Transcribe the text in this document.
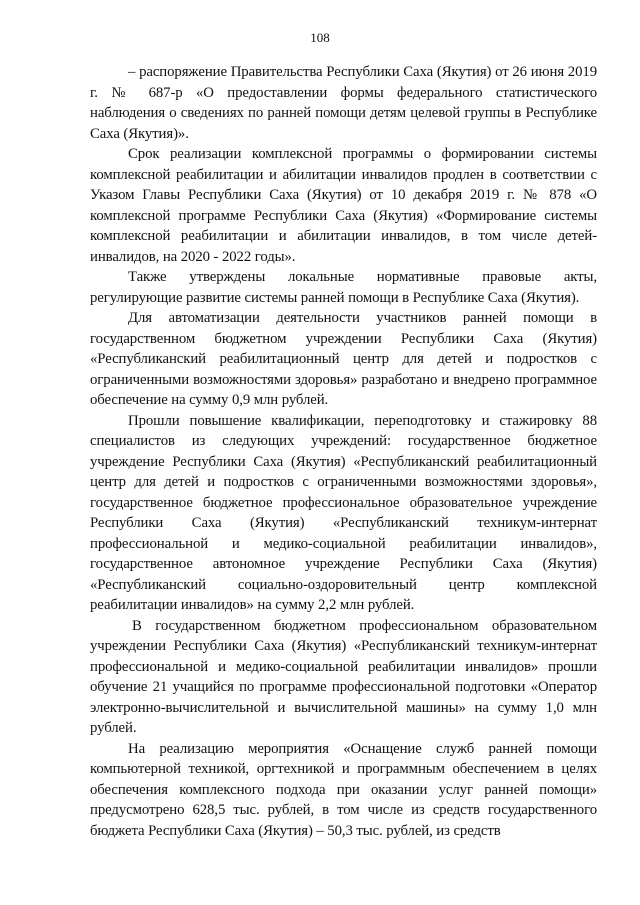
108

– распоряжение Правительства Республики Саха (Якутия) от 26 июня 2019 г. № 687-р «О предоставлении формы федерального статистического наблюдения о сведениях по ранней помощи детям целевой группы в Республике Саха (Якутия)».

Срок реализации комплексной программы о формировании системы комплексной реабилитации и абилитации инвалидов продлен в соответствии с Указом Главы Республики Саха (Якутия) от 10 декабря 2019 г. № 878 «О комплексной программе Республики Саха (Якутия) «Формирование системы комплексной реабилитации и абилитации инвалидов, в том числе детей-инвалидов, на 2020 - 2022 годы».

Также утверждены локальные нормативные правовые акты, регулирующие развитие системы ранней помощи в Республике Саха (Якутия).

Для автоматизации деятельности участников ранней помощи в государственном бюджетном учреждении Республики Саха (Якутия) «Республиканский реабилитационный центр для детей и подростков с ограниченными возможностями здоровья» разработано и внедрено программное обеспечение на сумму 0,9 млн рублей.

Прошли повышение квалификации, переподготовку и стажировку 88 специалистов из следующих учреждений: государственное бюджетное учреждение Республики Саха (Якутия) «Республиканский реабилитационный центр для детей и подростков с ограниченными возможностями здоровья», государственное бюджетное профессиональное образовательное учреждение Республики Саха (Якутия) «Республиканский техникум-интернат профессиональной и медико-социальной реабилитации инвалидов», государственное автономное учреждение Республики Саха (Якутия) «Республиканский социально-оздоровительный центр комплексной реабилитации инвалидов» на сумму 2,2 млн рублей.

В государственном бюджетном профессиональном образовательном учреждении Республики Саха (Якутия) «Республиканский техникум-интернат профессиональной и медико-социальной реабилитации инвалидов» прошли обучение 21 учащийся по программе профессиональной подготовки «Оператор электронно-вычислительной и вычислительной машины» на сумму 1,0 млн рублей.

На реализацию мероприятия «Оснащение служб ранней помощи компьютерной техникой, оргтехникой и программным обеспечением в целях обеспечения комплексного подхода при оказании услуг ранней помощи» предусмотрено 628,5 тыс. рублей, в том числе из средств государственного бюджета Республики Саха (Якутия) – 50,3 тыс. рублей, из средств
